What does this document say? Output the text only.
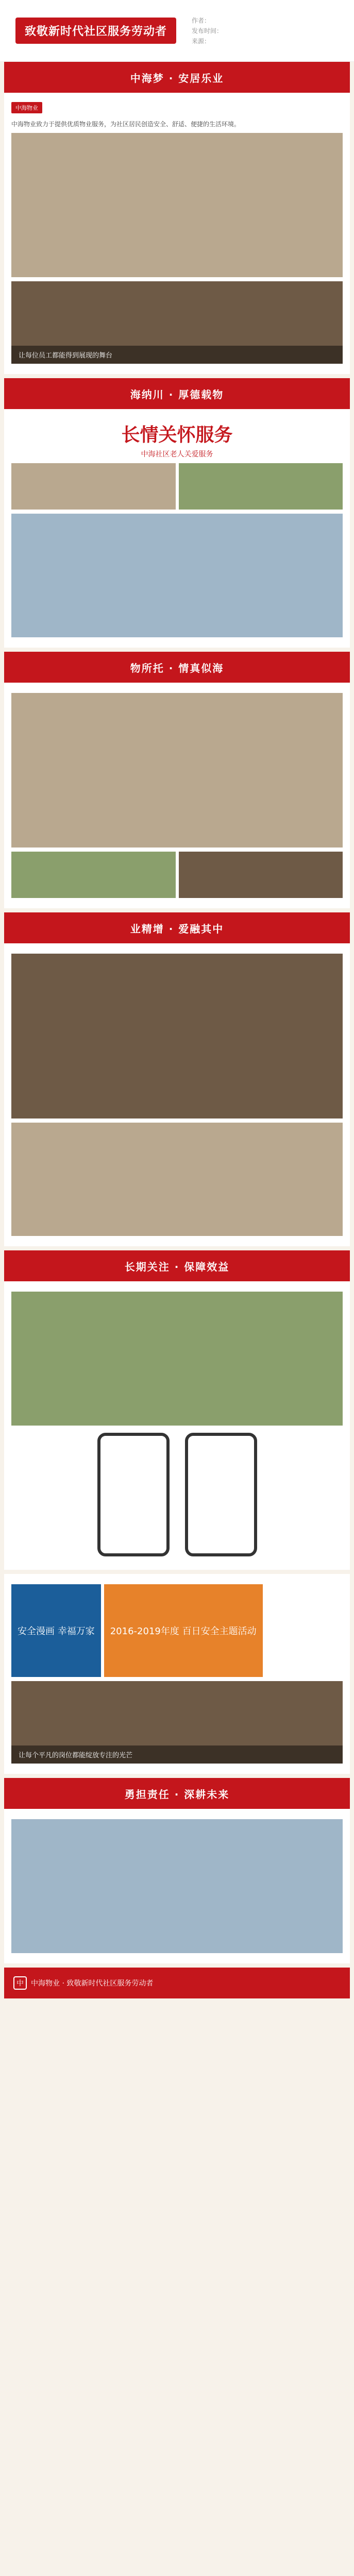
致敬新时代社区服务劳动者
作者：
发布时间：
来源：
中海梦 · 安居乐业
中海物业

中海物业致力于提供优质物业服务，为社区居民创造安全、舒适、便捷的生活环境。

让每位员工都能得到展现的舞台
海纳川 · 厚德载物
长情关怀服务
中海社区老人关爱服务
物所托 · 情真似海
业精增 · 爱融其中
长期关注 · 保障效益
安全漫画 幸福万家	2016-2019年度 百日安全主题活动
让每个平凡的岗位都能绽放专注的光芒
勇担责任 · 深耕未来
中	中海物业 · 致敬新时代社区服务劳动者
